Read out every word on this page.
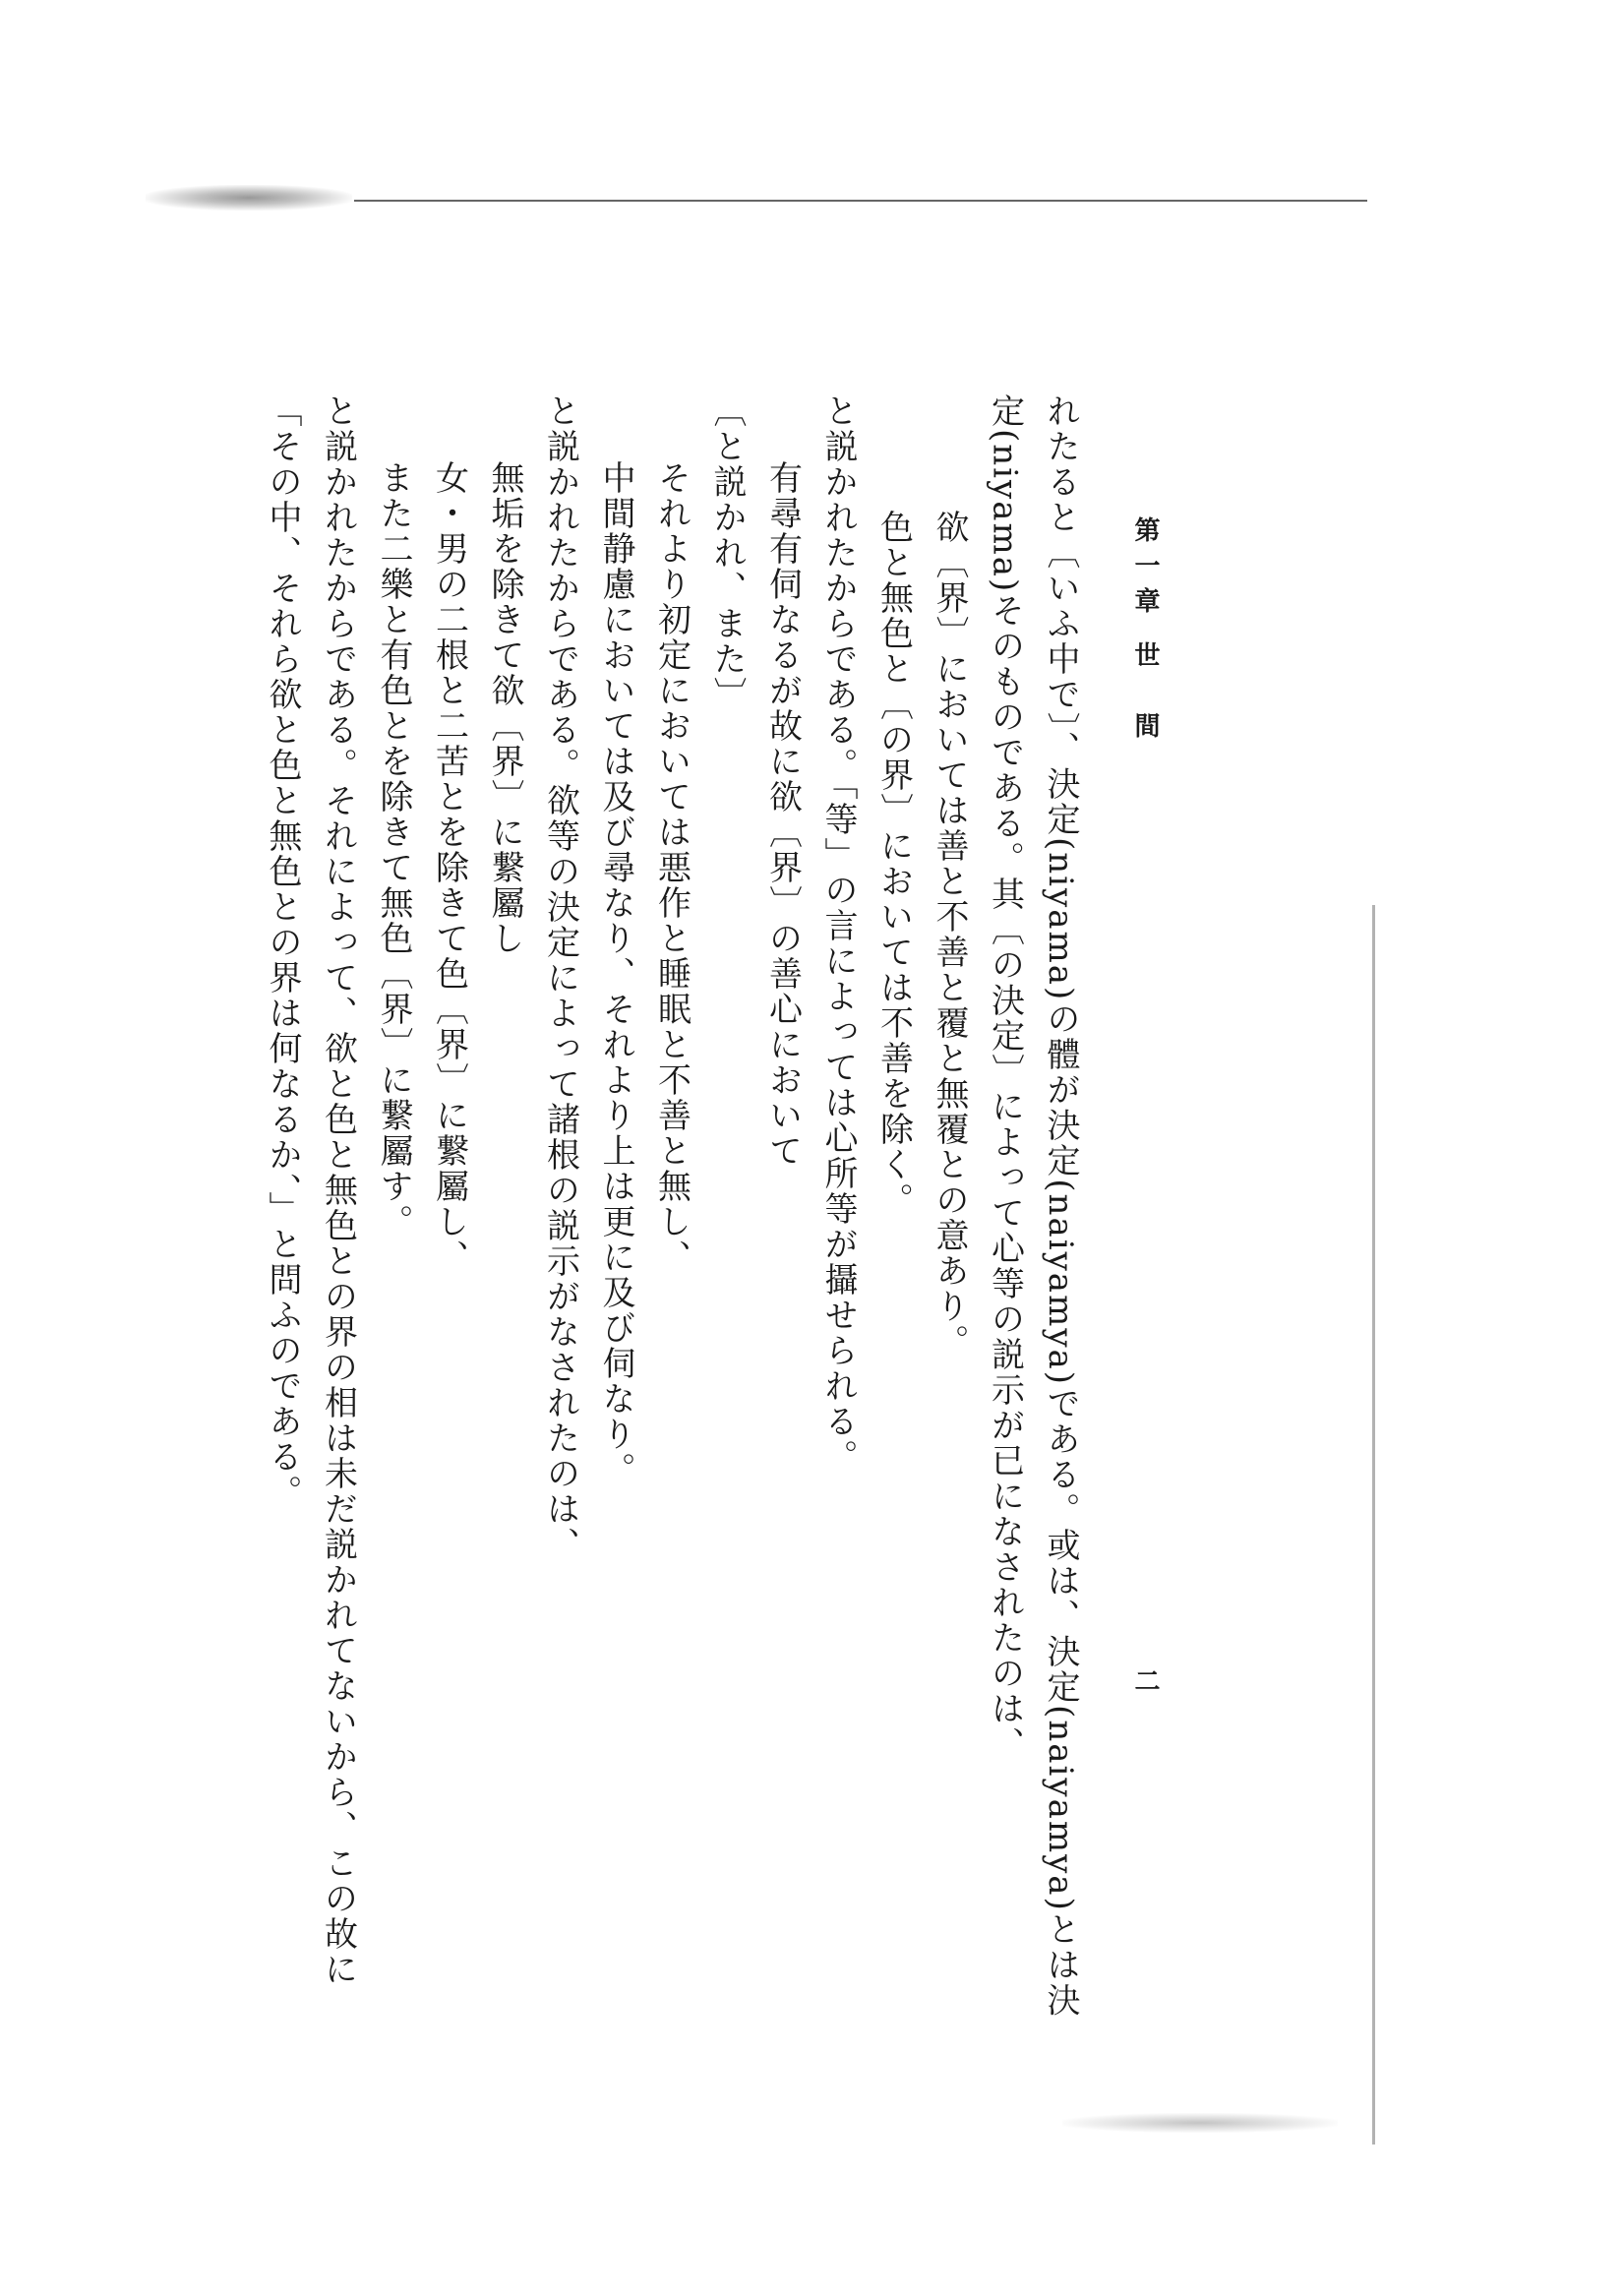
第一章 世　間
二
れたると〔いふ中で〕、決定(niyama)の體が決定(naiyamya)である。或は、決定(naiyamya)とは決
定(niyama)そのものである。其〔の決定〕によって心等の説示が已になされたのは、
欲〔界〕においては善と不善と覆と無覆との意あり。
色と無色と〔の界〕においては不善を除く。
と説かれたからである。「等」の言によっては心所等が攝せられる。
有尋有伺なるが故に欲〔界〕の善心において
〔と説かれ、また〕
それより初定においては悪作と睡眠と不善と無し、
中間静慮においては及び尋なり、それより上は更に及び伺なり。
と説かれたからである。欲等の決定によって諸根の説示がなされたのは、
無垢を除きて欲〔界〕に繋屬し
女・男の二根と二苦とを除きて色〔界〕に繋屬し、
また二樂と有色とを除きて無色〔界〕に繋屬す。
と説かれたからである。それによって、欲と色と無色との界の相は未だ説かれてないから、この故に
「その中、それら欲と色と無色との界は何なるか、」と問ふのである。
